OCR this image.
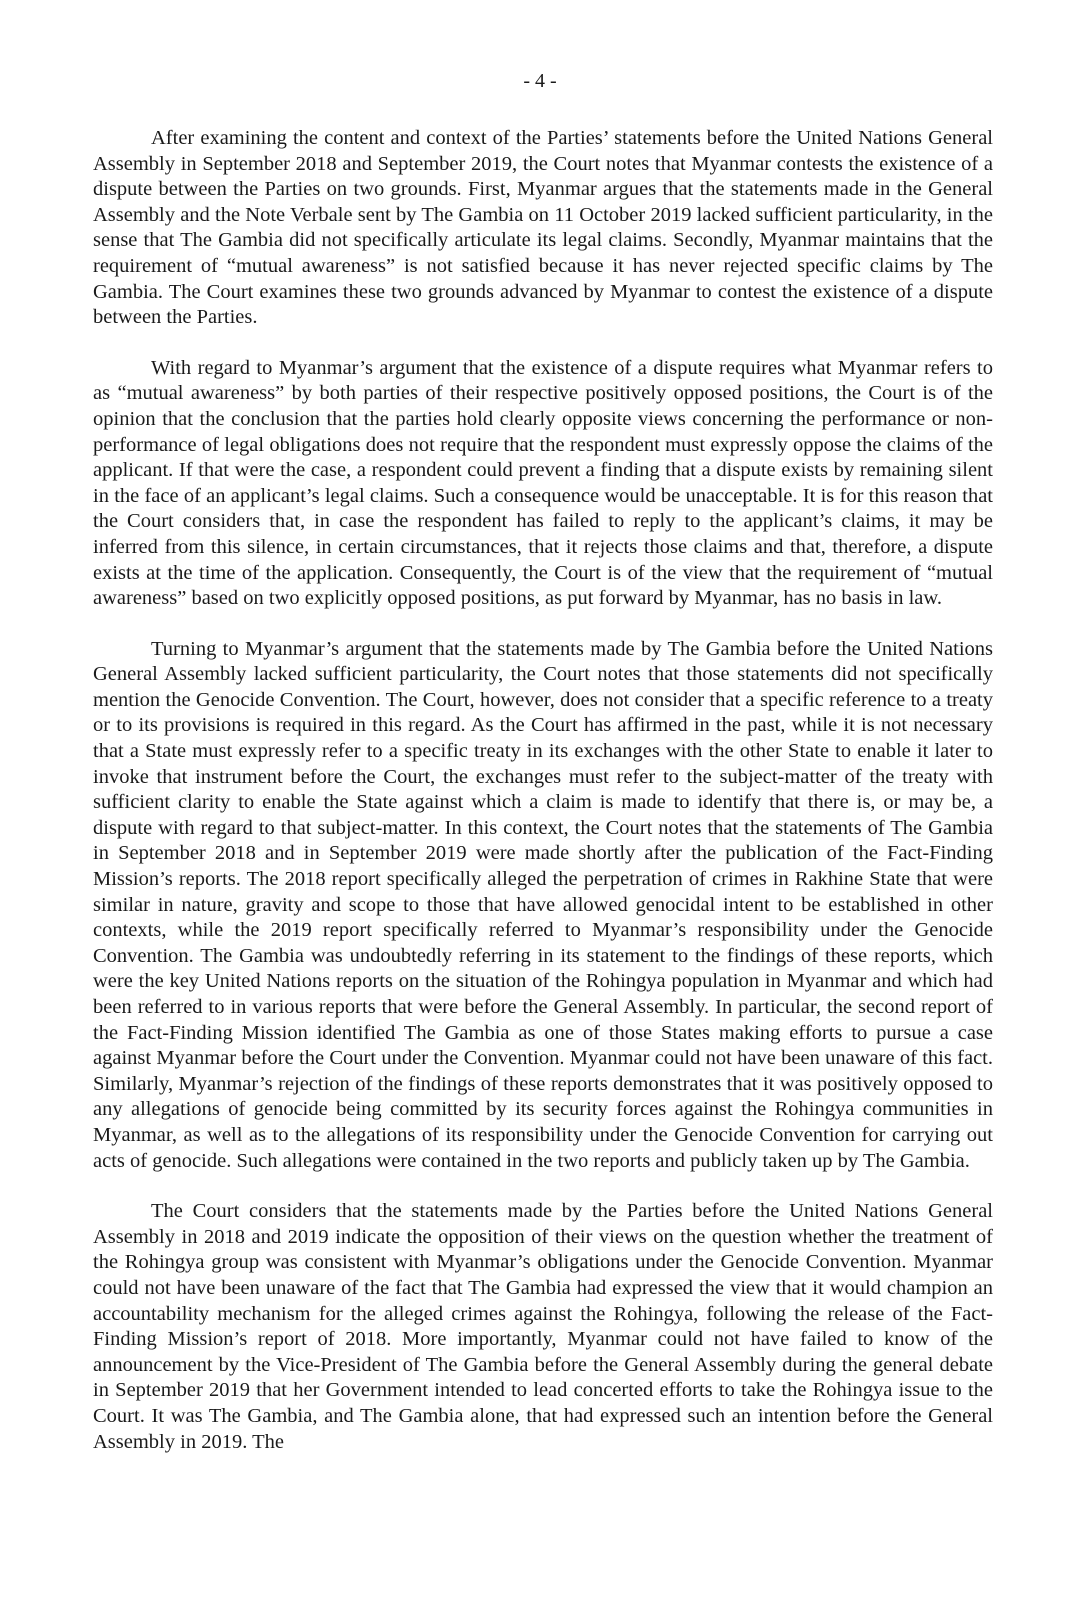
- 4 -

After examining the content and context of the Parties’ statements before the United Nations General Assembly in September 2018 and September 2019, the Court notes that Myanmar contests the existence of a dispute between the Parties on two grounds. First, Myanmar argues that the statements made in the General Assembly and the Note Verbale sent by The Gambia on 11 October 2019 lacked sufficient particularity, in the sense that The Gambia did not specifically articulate its legal claims. Secondly, Myanmar maintains that the requirement of “mutual awareness” is not satisfied because it has never rejected specific claims by The Gambia. The Court examines these two grounds advanced by Myanmar to contest the existence of a dispute between the Parties.

With regard to Myanmar’s argument that the existence of a dispute requires what Myanmar refers to as “mutual awareness” by both parties of their respective positively opposed positions, the Court is of the opinion that the conclusion that the parties hold clearly opposite views concerning the performance or non-performance of legal obligations does not require that the respondent must expressly oppose the claims of the applicant. If that were the case, a respondent could prevent a finding that a dispute exists by remaining silent in the face of an applicant’s legal claims. Such a consequence would be unacceptable. It is for this reason that the Court considers that, in case the respondent has failed to reply to the applicant’s claims, it may be inferred from this silence, in certain circumstances, that it rejects those claims and that, therefore, a dispute exists at the time of the application. Consequently, the Court is of the view that the requirement of “mutual awareness” based on two explicitly opposed positions, as put forward by Myanmar, has no basis in law.

Turning to Myanmar’s argument that the statements made by The Gambia before the United Nations General Assembly lacked sufficient particularity, the Court notes that those statements did not specifically mention the Genocide Convention. The Court, however, does not consider that a specific reference to a treaty or to its provisions is required in this regard. As the Court has affirmed in the past, while it is not necessary that a State must expressly refer to a specific treaty in its exchanges with the other State to enable it later to invoke that instrument before the Court, the exchanges must refer to the subject-matter of the treaty with sufficient clarity to enable the State against which a claim is made to identify that there is, or may be, a dispute with regard to that subject-matter. In this context, the Court notes that the statements of The Gambia in September 2018 and in September 2019 were made shortly after the publication of the Fact-Finding Mission’s reports. The 2018 report specifically alleged the perpetration of crimes in Rakhine State that were similar in nature, gravity and scope to those that have allowed genocidal intent to be established in other contexts, while the 2019 report specifically referred to Myanmar’s responsibility under the Genocide Convention. The Gambia was undoubtedly referring in its statement to the findings of these reports, which were the key United Nations reports on the situation of the Rohingya population in Myanmar and which had been referred to in various reports that were before the General Assembly. In particular, the second report of the Fact-Finding Mission identified The Gambia as one of those States making efforts to pursue a case against Myanmar before the Court under the Convention. Myanmar could not have been unaware of this fact. Similarly, Myanmar’s rejection of the findings of these reports demonstrates that it was positively opposed to any allegations of genocide being committed by its security forces against the Rohingya communities in Myanmar, as well as to the allegations of its responsibility under the Genocide Convention for carrying out acts of genocide. Such allegations were contained in the two reports and publicly taken up by The Gambia.

The Court considers that the statements made by the Parties before the United Nations General Assembly in 2018 and 2019 indicate the opposition of their views on the question whether the treatment of the Rohingya group was consistent with Myanmar’s obligations under the Genocide Convention. Myanmar could not have been unaware of the fact that The Gambia had expressed the view that it would champion an accountability mechanism for the alleged crimes against the Rohingya, following the release of the Fact-Finding Mission’s report of 2018. More importantly, Myanmar could not have failed to know of the announcement by the Vice-President of The Gambia before the General Assembly during the general debate in September 2019 that her Government intended to lead concerted efforts to take the Rohingya issue to the Court. It was The Gambia, and The Gambia alone, that had expressed such an intention before the General Assembly in 2019. The
